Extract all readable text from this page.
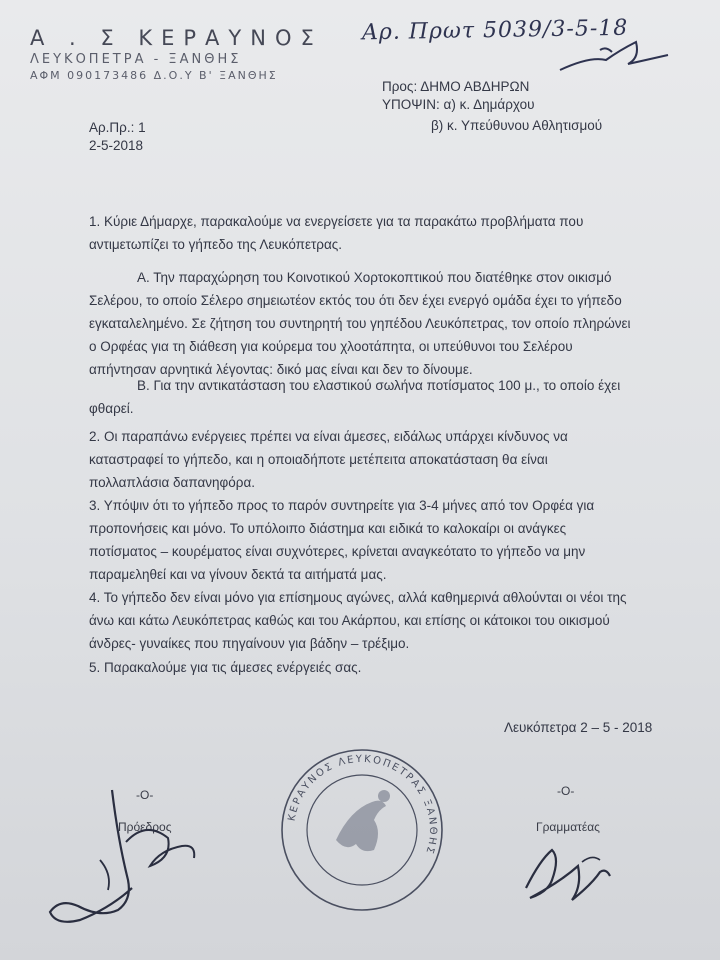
Α . Σ ΚΕΡΑΥΝΟΣ
ΛΕΥΚΟΠΕΤΡΑ - ΞΑΝΘΗΣ
ΑΦΜ 090173486 Δ.Ο.Υ Β' ΞΑΝΘΗΣ
Αρ. Πρωτ 5039/3-5-18
Προς: ΔΗΜΟ ΑΒΔΗΡΩΝ
ΥΠΟΨΙΝ: α) κ. Δημάρχου
β) κ. Υπεύθυνου Αθλητισμού
Αρ.Πρ.: 1
2-5-2018

1. Κύριε Δήμαρχε, παρακαλούμε να ενεργείσετε για τα παρακάτω προβλήματα που

αντιμετωπίζει το γήπεδο της Λευκόπετρας.

Α. Την παραχώρηση του Κοινοτικού Χορτοκοπτικού που διατέθηκε στον οικισμό

Σελέρου, το οποίο Σέλερο σημειωτέον εκτός του ότι δεν έχει ενεργό ομάδα έχει το γήπεδο

εγκαταλελημένο. Σε ζήτηση του συντηρητή του γηπέδου Λευκόπετρας, τον οποίο πληρώνει

ο Ορφέας για τη διάθεση για κούρεμα του χλοοτάπητα, οι υπεύθυνοι του Σελέρου

απήντησαν αρνητικά λέγοντας: δικό μας είναι και δεν το δίνουμε.

Β. Για την αντικατάσταση του ελαστικού σωλήνα ποτίσματος 100 μ., το οποίο έχει

φθαρεί.

2. Οι παραπάνω ενέργειες πρέπει να είναι άμεσες, ειδάλως υπάρχει κίνδυνος να

καταστραφεί το γήπεδο, και η οποιαδήποτε μετέπειτα αποκατάσταση θα είναι

πολλαπλάσια δαπανηφόρα.

3. Υπόψιν ότι το γήπεδο προς το παρόν συντηρείτε για 3-4 μήνες από τον Ορφέα για

προπονήσεις και μόνο. Το υπόλοιπο διάστημα και ειδικά το καλοκαίρι οι ανάγκες

ποτίσματος – κουρέματος είναι συχνότερες, κρίνεται αναγκεότατο το γήπεδο να μην

παραμεληθεί και να γίνουν δεκτά τα αιτήματά μας.

4. Το γήπεδο δεν είναι μόνο για επίσημους αγώνες, αλλά καθημερινά αθλούνται οι νέοι της

άνω και κάτω Λευκόπετρας καθώς και του Ακάρπου, και επίσης οι κάτοικοι του οικισμού

άνδρες- γυναίκες που πηγαίνουν για βάδην – τρέξιμο.

5. Παρακαλούμε για τις άμεσες ενέργειές σας.

Λευκόπετρα 2 – 5 - 2018
-Ο-	-Ο-
Πρόεδρος	Γραμματέας
ΚΕΡΑΥΝΟΣ ΛΕΥΚΟΠΕΤΡΑΣ ΞΑΝΘΗΣ
